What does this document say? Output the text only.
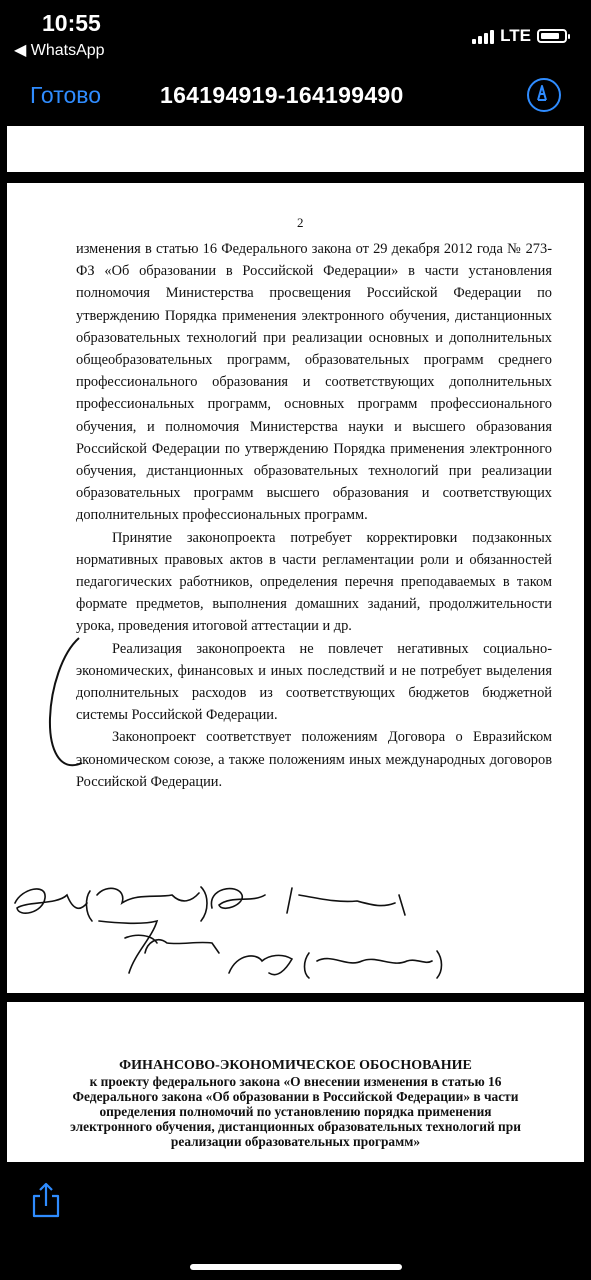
10:55
◀ WhatsApp
LTE
Готово	164194919-164199490
2

изменения в статью 16 Федерального закона от 29 декабря 2012 года № 273-ФЗ «Об образовании в Российской Федерации» в части установления полномочия Министерства просвещения Российской Федерации по утверждению Порядка применения электронного обучения, дистанционных образовательных технологий при реализации основных и дополнительных общеобразовательных программ, образовательных программ среднего профессионального образования и соответствующих дополнительных профессиональных программ, основных программ профессионального обучения, и полномочия Министерства науки и высшего образования Российской Федерации по утверждению Порядка применения электронного обучения, дистанционных образовательных технологий при реализации образовательных программ высшего образования и соответствующих дополнительных профессиональных программ.

Принятие законопроекта потребует корректировки подзаконных нормативных правовых актов в части регламентации роли и обязанностей педагогических работников, определения перечня преподаваемых в таком формате предметов, выполнения домашних заданий, продолжительности урока, проведения итоговой аттестации и др.

Реализация законопроекта не повлечет негативных социально-экономических, финансовых и иных последствий и не потребует выделения дополнительных расходов из соответствующих бюджетов бюджетной системы Российской Федерации.

Законопроект соответствует положениям Договора о Евразийском экономическом союзе, а также положениям иных международных договоров Российской Федерации.

ФИНАНСОВО-ЭКОНОМИЧЕСКОЕ ОБОСНОВАНИЕ
к проекту федерального закона «О внесении изменения в статью 16 Федерального закона «Об образовании в Российской Федерации» в части определения полномочий по установлению порядка применения электронного обучения, дистанционных образовательных технологий при реализации образовательных программ»
